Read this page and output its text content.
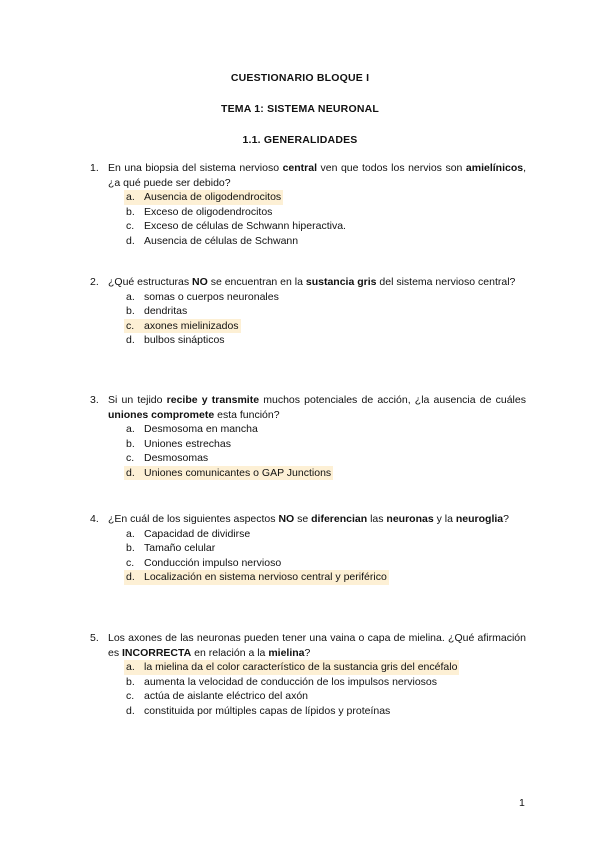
CUESTIONARIO BLOQUE I
TEMA 1: SISTEMA NEURONAL
1.1. GENERALIDADES
1. En una biopsia del sistema nervioso central ven que todos los nervios son amielínicos, ¿a qué puede ser debido?
a. Ausencia de oligodendrocitos
b. Exceso de oligodendrocitos
c. Exceso de células de Schwann hiperactiva.
d. Ausencia de células de Schwann
2. ¿Qué estructuras NO se encuentran en la sustancia gris del sistema nervioso central?
a. somas o cuerpos neuronales
b. dendritas
c. axones mielinizados
d. bulbos sinápticos
3. Si un tejido recibe y transmite muchos potenciales de acción, ¿la ausencia de cuáles uniones compromete esta función?
a. Desmosoma en mancha
b. Uniones estrechas
c. Desmosomas
d. Uniones comunicantes o GAP Junctions
4. ¿En cuál de los siguientes aspectos NO se diferencian las neuronas y la neuroglia?
a. Capacidad de dividirse
b. Tamaño celular
c. Conducción impulso nervioso
d. Localización en sistema nervioso central y periférico
5. Los axones de las neuronas pueden tener una vaina o capa de mielina. ¿Qué afirmación es INCORRECTA en relación a la mielina?
a. la mielina da el color característico de la sustancia gris del encéfalo
b. aumenta la velocidad de conducción de los impulsos nerviosos
c. actúa de aislante eléctrico del axón
d. constituida por múltiples capas de lípidos y proteínas
1
